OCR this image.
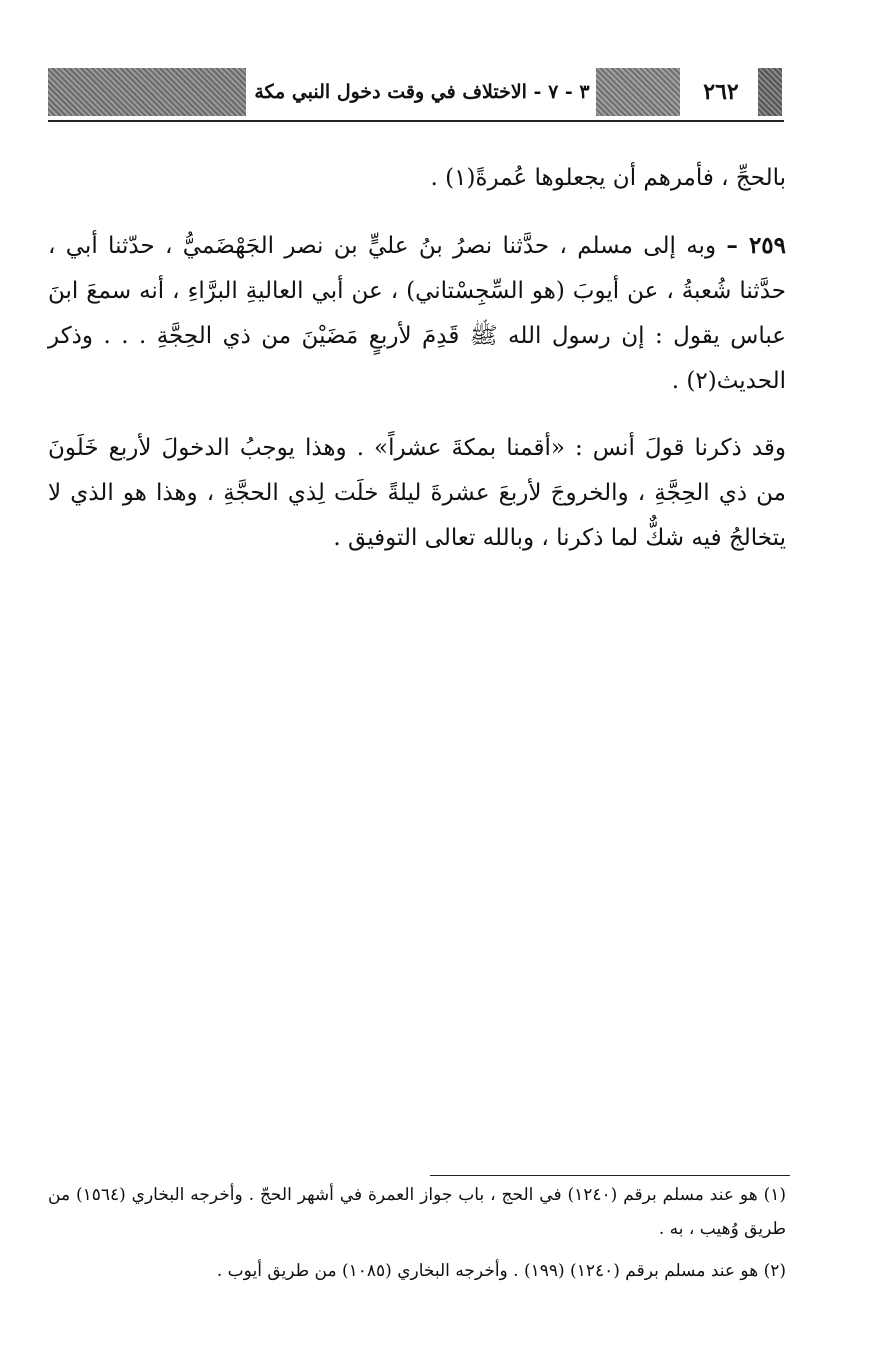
٣ - ٧ - الاختلاف في وقت دخول النبي مكة	٢٦٢

بالحجِّ ، فأمرهم أن يجعلوها عُمرةً(١) .

٢٥٩ – وبه إلى مسلم ، حدَّثنا نصرُ بنُ عليٍّ بن نصر الجَهْضَميُّ ، حدّثنا أبي ، حدَّثنا شُعبةُ ، عن أيوبَ (هو السِّجِسْتاني) ، عن أبي العاليةِ البرَّاءِ ، أنه سمعَ ابنَ عباس يقول : إن رسول الله ﷺ قَدِمَ لأربعٍ مَضَيْنَ من ذي الحِجَّةِ . . . وذكر الحديث(٢) .

وقد ذكرنا قولَ أنس : «أقمنا بمكةَ عشراً» . وهذا يوجبُ الدخولَ لأربع خَلَونَ من ذي الحِجَّةِ ، والخروجَ لأربعَ عشرةَ ليلةً خلَت لِذي الحجَّةِ ، وهذا هو الذي لا يتخالجُ فيه شكٌّ لما ذكرنا ، وبالله تعالى التوفيق .

(١) هو عند مسلم برقم (١٢٤٠) في الحج ، باب جواز العمرة في أشهر الحجّ . وأخرجه البخاري (١٥٦٤) من طريق وُهيب ، به .

(٢) هو عند مسلم برقم (١٢٤٠) (١٩٩) . وأخرجه البخاري (١٠٨٥) من طريق أيوب .
